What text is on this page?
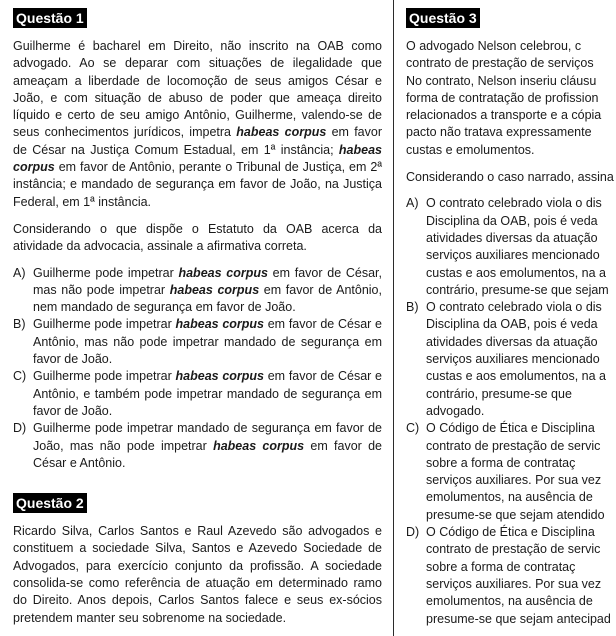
Questão 1

Guilherme é bacharel em Direito, não inscrito na OAB como advogado. Ao se deparar com situações de ilegalidade que ameaçam a liberdade de locomoção de seus amigos César e João, e com situação de abuso de poder que ameaça direito líquido e certo de seu amigo Antônio, Guilherme, valendo-se de seus conhecimentos jurídicos, impetra habeas corpus em favor de César na Justiça Comum Estadual, em 1ª instância; habeas corpus em favor de Antônio, perante o Tribunal de Justiça, em 2ª instância; e mandado de segurança em favor de João, na Justiça Federal, em 1ª instância.

Considerando o que dispõe o Estatuto da OAB acerca da atividade da advocacia, assinale a afirmativa correta.

A) Guilherme pode impetrar habeas corpus em favor de César, mas não pode impetrar habeas corpus em favor de Antônio, nem mandado de segurança em favor de João.
B) Guilherme pode impetrar habeas corpus em favor de César e Antônio, mas não pode impetrar mandado de segurança em favor de João.
C) Guilherme pode impetrar habeas corpus em favor de César e Antônio, e também pode impetrar mandado de segurança em favor de João.
D) Guilherme pode impetrar mandado de segurança em favor de João, mas não pode impetrar habeas corpus em favor de César e Antônio.
Questão 2

Ricardo Silva, Carlos Santos e Raul Azevedo são advogados e constituem a sociedade Silva, Santos e Azevedo Sociedade de Advogados, para exercício conjunto da profissão. A sociedade consolida-se como referência de atuação em determinado ramo do Direito. Anos depois, Carlos Santos falece e seus ex-sócios pretendem manter seu sobrenome na sociedade.

Questão 3

O advogado Nelson celebrou, c
contrato de prestação de serviços
No contrato, Nelson inseriu cláusu
forma de contratação de profission
relacionados a transporte e a cópia
pacto não tratava expressamente
custas e emolumentos.

Considerando o caso narrado, assina

A) O contrato celebrado viola o dis
Disciplina da OAB, pois é veda
atividades diversas da atuação
serviços auxiliares mencionado
custas e aos emolumentos, na a
contrário, presume-se que sejam
B) O contrato celebrado viola o dis
Disciplina da OAB, pois é veda
atividades diversas da atuação
serviços auxiliares mencionado
custas e aos emolumentos, na a
contrário, presume-se que
advogado.
C) O Código de Ética e Disciplina
contrato de prestação de servic
sobre a forma de contrataç
serviços auxiliares. Por sua vez
emolumentos, na ausência de
presume-se que sejam atendido
D) O Código de Ética e Disciplina
contrato de prestação de servic
sobre a forma de contrataç
serviços auxiliares. Por sua vez
emolumentos, na ausência de
presume-se que sejam antecipad
